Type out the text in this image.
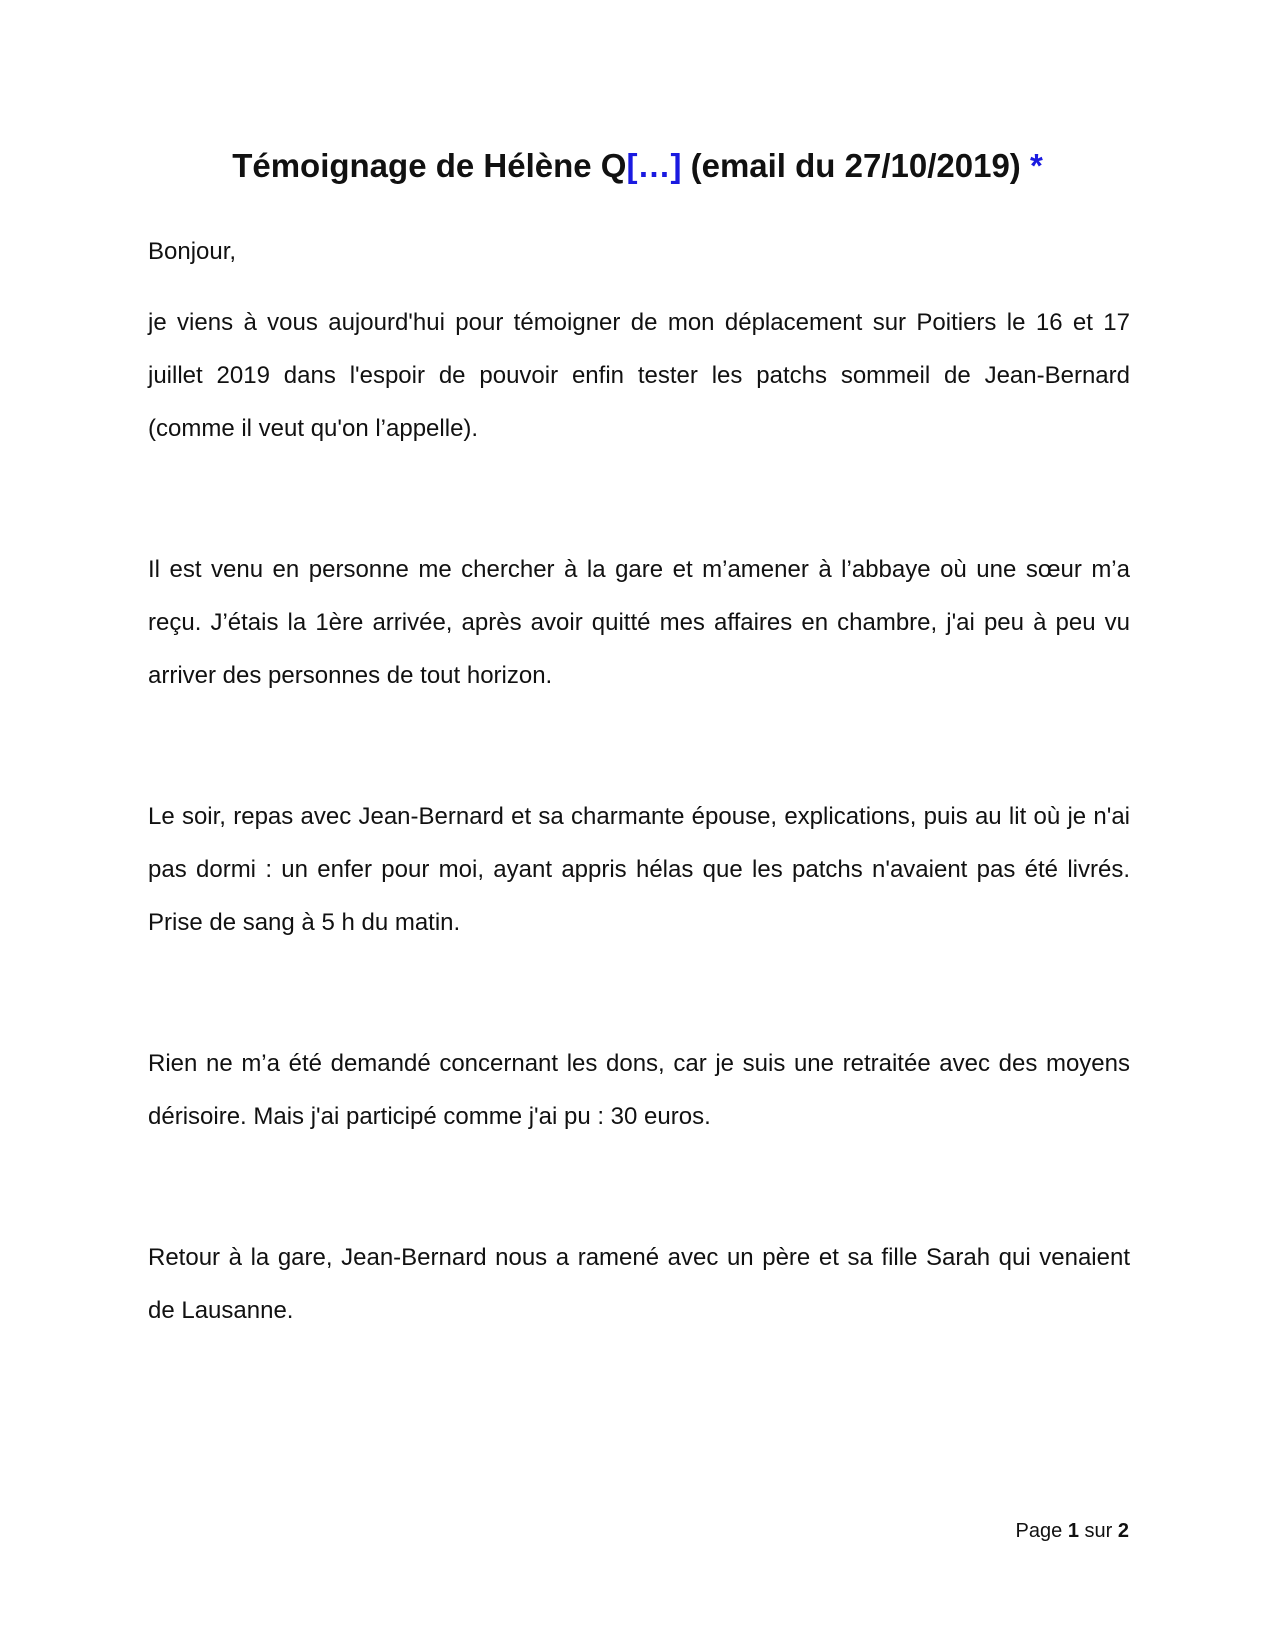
Témoignage de Hélène Q[…] (email du 27/10/2019) *

Bonjour,

je viens à vous aujourd'hui pour témoigner de mon déplacement sur Poitiers le 16 et 17 juillet 2019 dans l'espoir de pouvoir enfin tester les patchs sommeil de Jean-Bernard (comme il veut qu'on l’appelle).

Il est venu en personne me chercher à la gare et m’amener à l’abbaye où une sœur m’a reçu. J’étais la 1ère arrivée, après avoir quitté mes affaires en chambre, j'ai peu à peu vu arriver des personnes de tout horizon.

Le soir, repas avec Jean-Bernard et sa charmante épouse, explications, puis au lit où je n'ai pas dormi : un enfer pour moi, ayant appris hélas que les patchs n'avaient pas été livrés. Prise de sang à 5 h du matin.

Rien ne m’a été demandé concernant les dons, car je suis une retraitée avec des moyens dérisoire. Mais j'ai participé comme j'ai pu : 30 euros.

Retour à la gare, Jean-Bernard nous a ramené avec un père et sa fille Sarah qui venaient de Lausanne.

Page 1 sur 2
